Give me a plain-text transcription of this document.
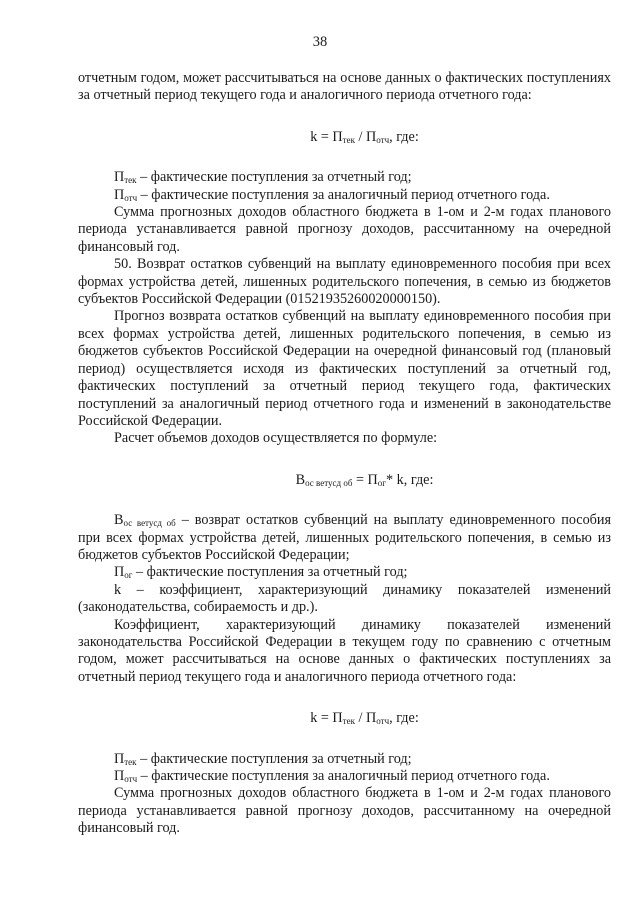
38

отчетным годом, может рассчитываться на основе данных о фактических поступлениях за отчетный период текущего года и аналогичного периода отчетного года:

$k = П_{тек} / П_{отч}$, где:

$П_{тек}$ – фактические поступления за отчетный год;

$П_{отч}$ – фактические поступления за аналогичный период отчетного года.

Сумма прогнозных доходов областного бюджета в 1-ом и 2-м годах планового периода устанавливается равной прогнозу доходов, рассчитанному на очередной финансовый год.

50. Возврат остатков субвенций на выплату единовременного пособия при всех формах устройства детей, лишенных родительского попечения, в семью из бюджетов субъектов Российской Федерации (01521935260020000150).

Прогноз возврата остатков субвенций на выплату единовременного пособия при всех формах устройства детей, лишенных родительского попечения, в семью из бюджетов субъектов Российской Федерации на очередной финансовый год (плановый период) осуществляется исходя из фактических поступлений за отчетный год, фактических поступлений за отчетный период текущего года, фактических поступлений за аналогичный период отчетного года и изменений в законодательстве Российской Федерации.

Расчет объемов доходов осуществляется по формуле:

$В_{ос ветусд об} = П_{ог}*$ k, где:

$В_{ос ветусд об}$ – возврат остатков субвенций на выплату единовременного пособия при всех формах устройства детей, лишенных родительского попечения, в семью из бюджетов субъектов Российской Федерации;

$П_{ог}$ – фактические поступления за отчетный год;

k – коэффициент, характеризующий динамику показателей изменений (законодательства, собираемость и др.).

Коэффициент, характеризующий динамику показателей изменений законодательства Российской Федерации в текущем году по сравнению с отчетным годом, может рассчитываться на основе данных о фактических поступлениях за отчетный период текущего года и аналогичного периода отчетного года:

$k = П_{тек} / П_{отч}$, где:

$П_{тек}$ – фактические поступления за отчетный год;

$П_{отч}$ – фактические поступления за аналогичный период отчетного года.

Сумма прогнозных доходов областного бюджета в 1-ом и 2-м годах планового периода устанавливается равной прогнозу доходов, рассчитанному на очередной финансовый год.
